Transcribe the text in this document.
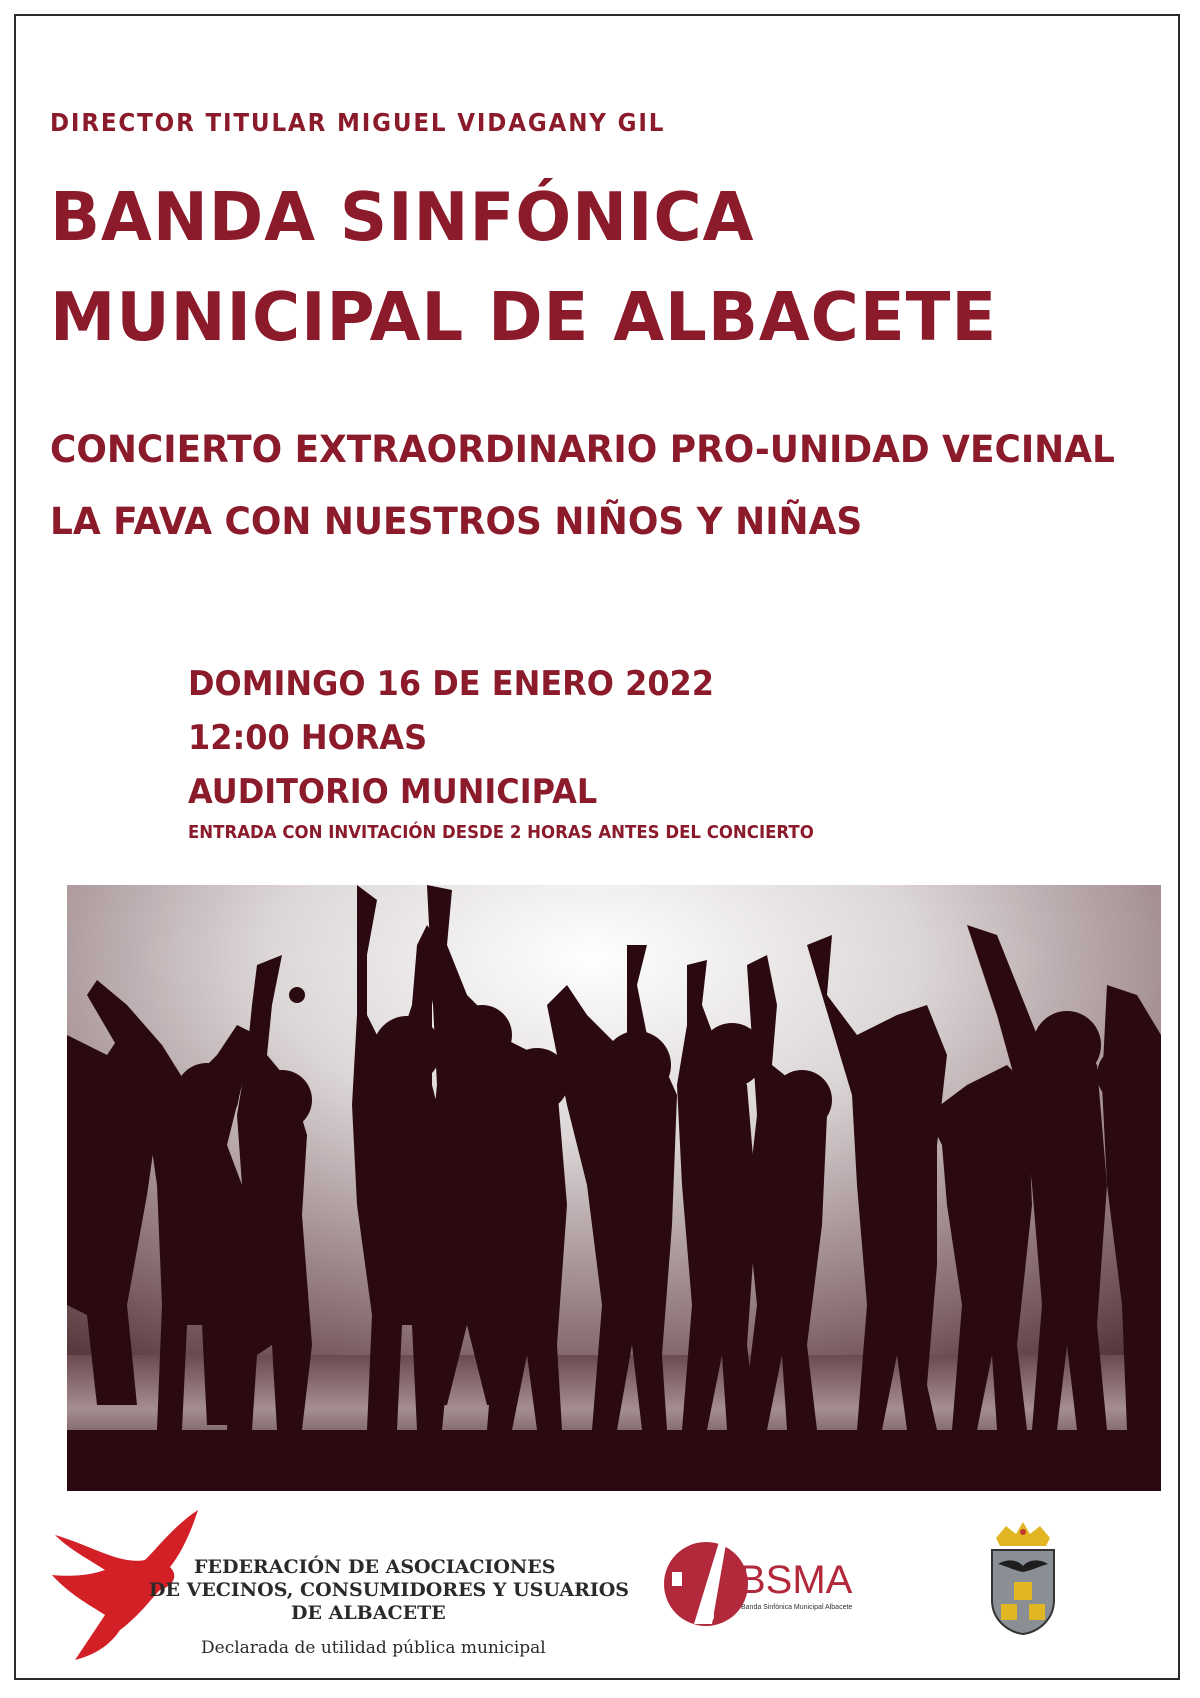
DIRECTOR TITULAR MIGUEL VIDAGANY GIL

BANDA SINFÓNICA

MUNICIPAL DE ALBACETE

CONCIERTO EXTRAORDINARIO PRO-UNIDAD VECINAL

LA FAVA CON NUESTROS NIÑOS Y NIÑAS

DOMINGO 16 DE ENERO 2022

12:00 HORAS

AUDITORIO MUNICIPAL

ENTRADA CON INVITACIÓN DESDE 2 HORAS ANTES DEL CONCIERTO

FEDERACIÓN DE ASOCIACIONES
DE VECINOS, CONSUMIDORES Y USUARIOS
DE ALBACETE
Declarada de utilidad pública municipal
BSMA
Banda Sinfónica Municipal Albacete
